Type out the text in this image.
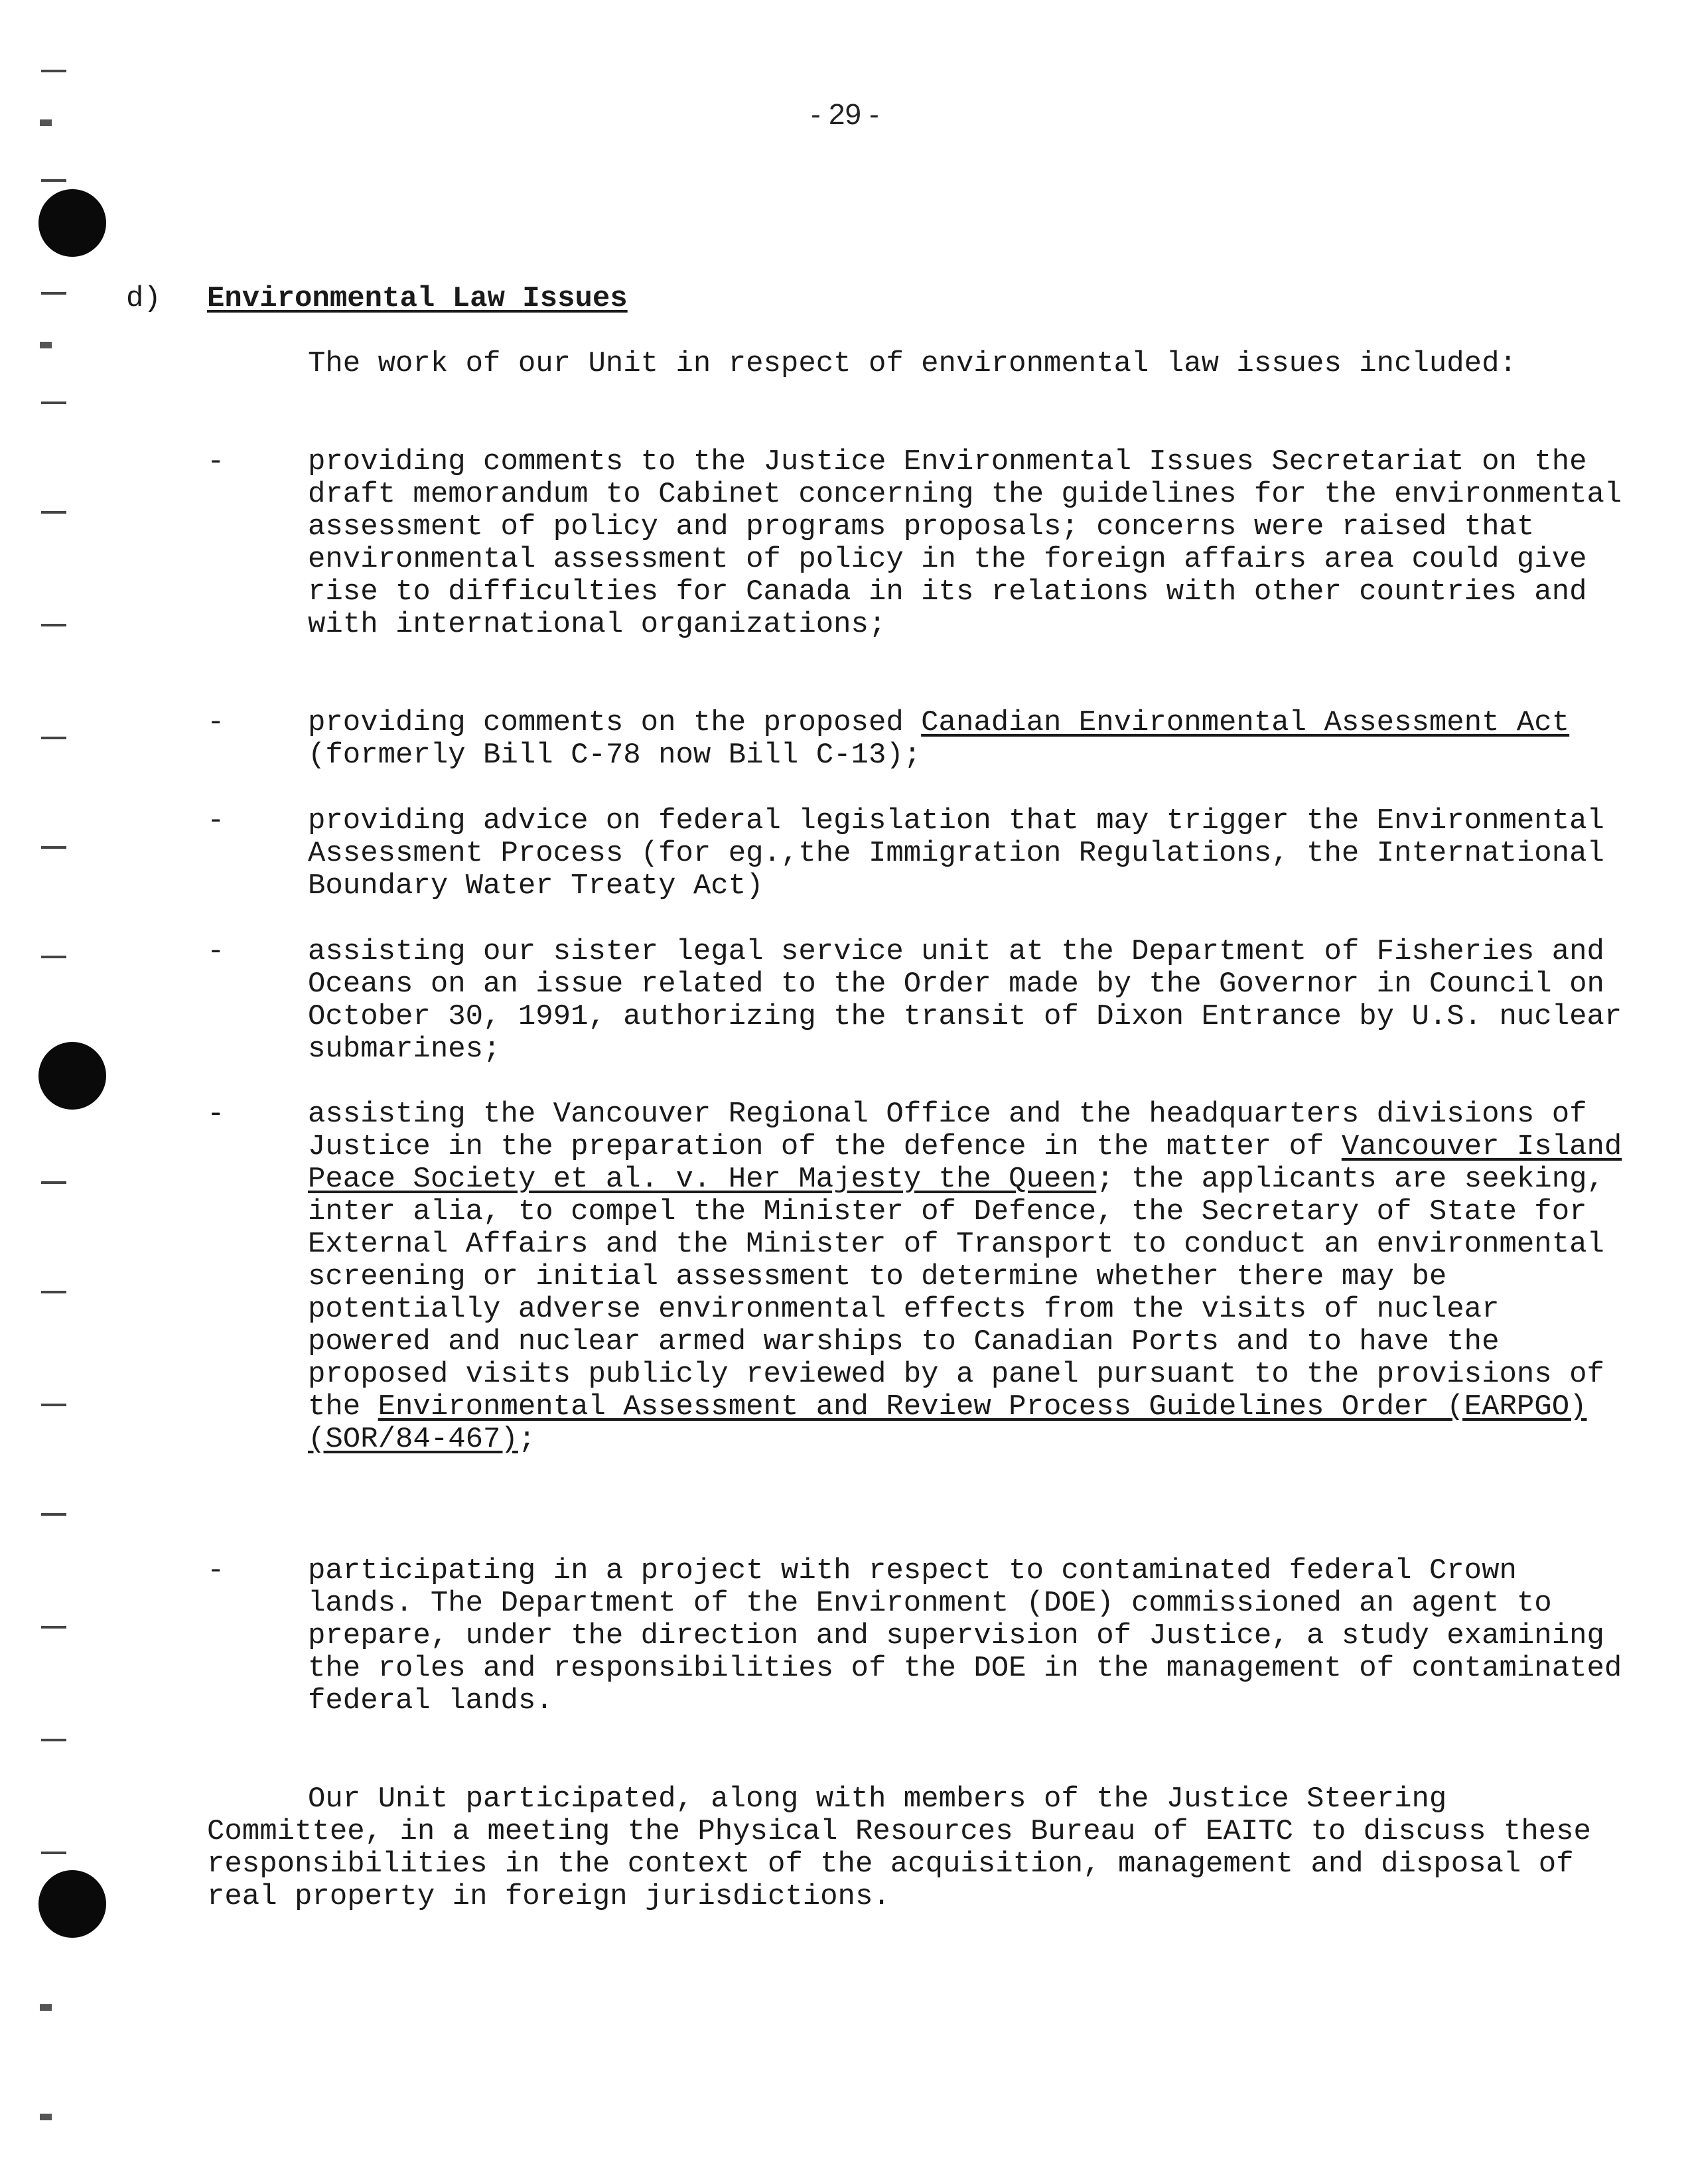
- 29 -
d) Environmental Law Issues

The work of our Unit in respect of environmental law issues included:

-	providing comments to the Justice Environmental Issues Secretariat on the draft memorandum to Cabinet concerning the guidelines for the environmental assessment of policy and programs proposals; concerns were raised that environmental assessment of policy in the foreign affairs area could give rise to difficulties for Canada in its relations with other countries and with international organizations;

-	providing comments on the proposed Canadian Environmental Assessment Act (formerly Bill C-78 now Bill C-13);

-	providing advice on federal legislation that may trigger the Environmental Assessment Process (for eg.,the Immigration Regulations, the International Boundary Water Treaty Act)

-	assisting our sister legal service unit at the Department of Fisheries and Oceans on an issue related to the Order made by the Governor in Council on October 30, 1991, authorizing the transit of Dixon Entrance by U.S. nuclear submarines;

-	assisting the Vancouver Regional Office and the headquarters divisions of Justice in the preparation of the defence in the matter of Vancouver Island Peace Society et al. v. Her Majesty the Queen; the applicants are seeking, inter alia, to compel the Minister of Defence, the Secretary of State for External Affairs and the Minister of Transport to conduct an environmental screening or initial assessment to determine whether there may be potentially adverse environmental effects from the visits of nuclear powered and nuclear armed warships to Canadian Ports and to have the proposed visits publicly reviewed by a panel pursuant to the provisions of the Environmental Assessment and Review Process Guidelines Order (EARPGO) (SOR/84-467);

-	participating in a project with respect to contaminated federal Crown lands. The Department of the Environment (DOE) commissioned an agent to prepare, under the direction and supervision of Justice, a study examining the roles and responsibilities of the DOE in the management of contaminated federal lands.

Our Unit participated, along with members of the Justice Steering Committee, in a meeting the Physical Resources Bureau of EAITC to discuss these responsibilities in the context of the acquisition, management and disposal of real property in foreign jurisdictions.
